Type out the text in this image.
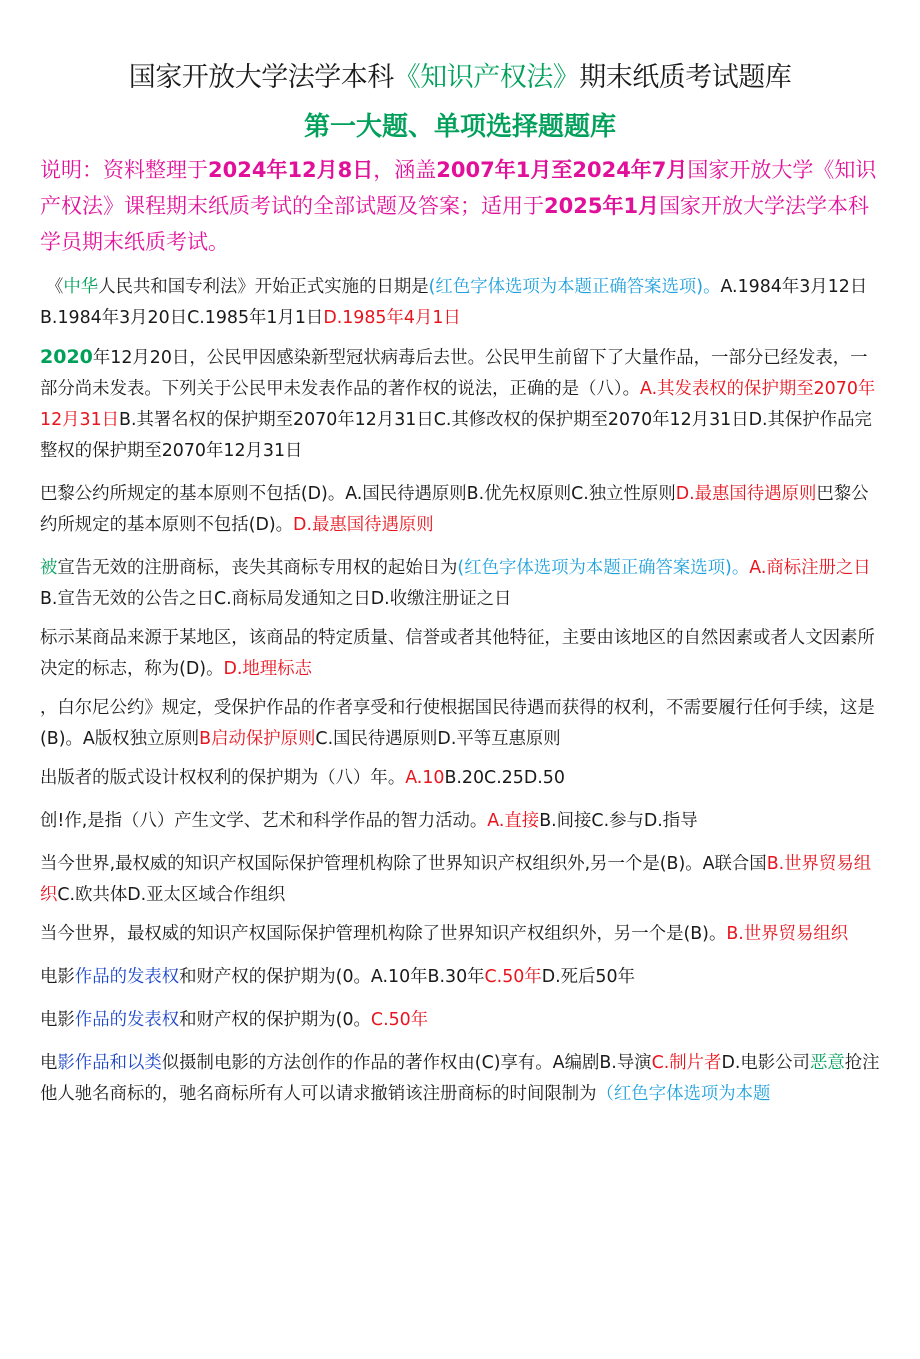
国家开放大学法学本科《知识产权法》期末纸质考试题库
第一大题、单项选择题题库
说明：资料整理于2024年12月8日，涵盖2007年1月至2024年7月国家开放大学《知识产权法》课程期末纸质考试的全部试题及答案；适用于2025年1月国家开放大学法学本科学员期末纸质考试。
《中华人民共和国专利法》开始正式实施的日期是(红色字体选项为本题正确答案选项)。A.1984年3月12日B.1984年3月20日C.1985年1月1日D.1985年4月1日
2020年12月20日，公民甲因感染新型冠状病毒后去世。公民甲生前留下了大量作品，一部分已经发表，一部分尚未发表。下列关于公民甲未发表作品的著作权的说法，正确的是（八）。A.其发表权的保护期至2070年12月31日B.其署名权的保护期至2070年12月31日C.其修改权的保护期至2070年12月31日D.其保护作品完整权的保护期至2070年12月31日
巴黎公约所规定的基本原则不包括(D)。A.国民待遇原则B.优先权原则C.独立性原则D.最惠国待遇原则巴黎公约所规定的基本原则不包括(D)。D.最惠国待遇原则
被宣告无效的注册商标，丧失其商标专用权的起始日为(红色字体选项为本题正确答案选项)。A.商标注册之日B.宣告无效的公告之日C.商标局发通知之日D.收缴注册证之日
标示某商品来源于某地区，该商品的特定质量、信誉或者其他特征，主要由该地区的自然因素或者人文因素所决定的标志，称为(D)。D.地理标志
，白尔尼公约》规定，受保护作品的作者享受和行使根据国民待遇而获得的权利，不需要履行任何手续，这是(B)。A版权独立原则B启动保护原则C.国民待遇原则D.平等互惠原则
出版者的版式设计权权利的保护期为（八）年。A.10B.20C.25D.50
创!作,是指（八）产生文学、艺术和科学作品的智力活动。A.直接B.间接C.参与D.指导
当今世界,最权威的知识产权国际保护管理机构除了世界知识产权组织外,另一个是(B)。A联合国B.世界贸易组织C.欧共体D.亚太区域合作组织
当今世界，最权威的知识产权国际保护管理机构除了世界知识产权组织外，另一个是(B)。B.世界贸易组织
电影作品的发表权和财产权的保护期为(0。A.10年B.30年C.50年D.死后50年
电影作品的发表权和财产权的保护期为(0。C.50年
电影作品和以类似摄制电影的方法创作的作品的著作权由(C)享有。A编剧B.导演C.制片者D.电影公司恶意抢注他人驰名商标的，驰名商标所有人可以请求撤销该注册商标的时间限制为（红色字体选项为本题
